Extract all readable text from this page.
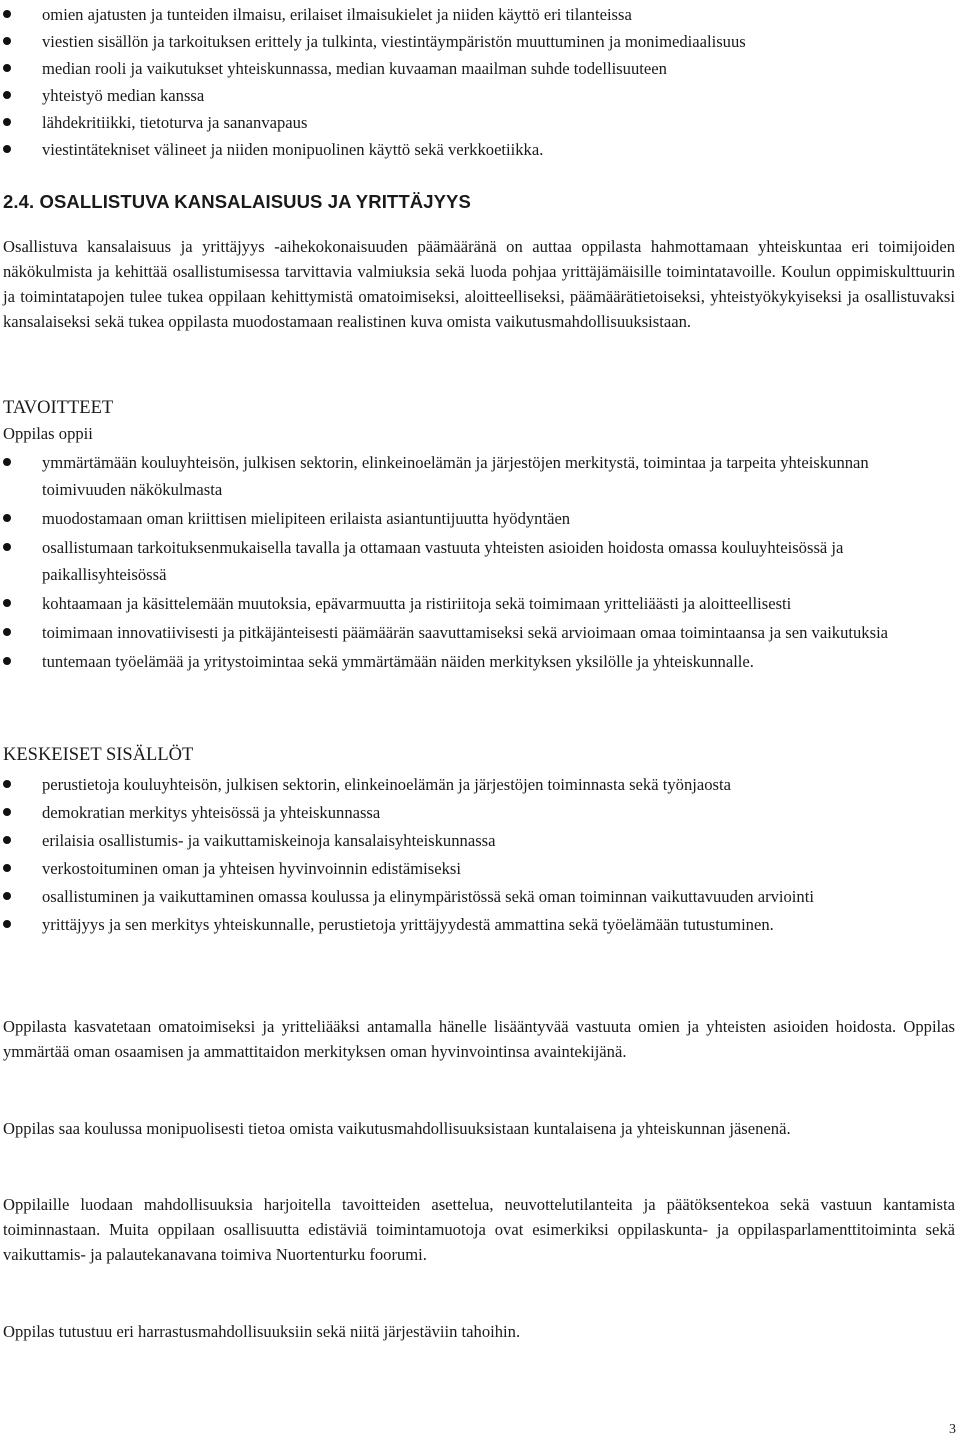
omien ajatusten ja tunteiden ilmaisu, erilaiset ilmaisukielet ja niiden käyttö eri tilanteissa
viestien sisällön ja tarkoituksen erittely ja tulkinta, viestintäympäristön muuttuminen ja monimediaalisuus
median rooli ja vaikutukset yhteiskunnassa, median kuvaaman maailman suhde todellisuuteen
yhteistyö median kanssa
lähdekritiikki, tietoturva ja sananvapaus
viestintätekniset välineet ja niiden monipuolinen käyttö sekä verkkoetiikka.
2.4. OSALLISTUVA KANSALAISUUS JA YRITTÄJYYS

Osallistuva kansalaisuus ja yrittäjyys -aihekokonaisuuden päämääränä on auttaa oppilasta hahmottamaan yhteiskuntaa eri toimijoiden näkökulmista ja kehittää osallistumisessa tarvittavia valmiuksia sekä luoda pohjaa yrittäjämäisille toimintatavoille. Koulun oppimiskulttuurin ja toimintatapojen tulee tukea oppilaan kehittymistä omatoimiseksi, aloitteelliseksi, päämäärätietoiseksi, yhteistyökykyiseksi ja osallistuvaksi kansalaiseksi sekä tukea oppilasta muodostamaan realistinen kuva omista vaikutusmahdollisuuksistaan.

TAVOITTEET

Oppilas oppii

ymmärtämään kouluyhteisön, julkisen sektorin, elinkeinoelämän ja järjestöjen merkitystä, toimintaa ja tarpeita yhteiskunnan toimivuuden näkökulmasta
muodostamaan oman kriittisen mielipiteen erilaista asiantuntijuutta hyödyntäen
osallistumaan tarkoituksenmukaisella tavalla ja ottamaan vastuuta yhteisten asioiden hoidosta omassa kouluyhteisössä ja paikallisyhteisössä
kohtaamaan ja käsittelemään muutoksia, epävarmuutta ja ristiriitoja sekä toimimaan yritteliäästi ja aloitteellisesti
toimimaan innovatiivisesti ja pitkäjänteisesti päämäärän saavuttamiseksi sekä arvioimaan omaa toimintaansa ja sen vaikutuksia
tuntemaan työelämää ja yritystoimintaa sekä ymmärtämään näiden merkityksen yksilölle ja yhteiskunnalle.

KESKEISET SISÄLLÖT

perustietoja kouluyhteisön, julkisen sektorin, elinkeinoelämän ja järjestöjen toiminnasta sekä työnjaosta
demokratian merkitys yhteisössä ja yhteiskunnassa
erilaisia osallistumis- ja vaikuttamiskeinoja kansalaisyhteiskunnassa
verkostoituminen oman ja yhteisen hyvinvoinnin edistämiseksi
osallistuminen ja vaikuttaminen omassa koulussa ja elinympäristössä sekä oman toiminnan vaikuttavuuden arviointi
yrittäjyys ja sen merkitys yhteiskunnalle, perustietoja yrittäjyydestä ammattina sekä työelämään tutustuminen.

Oppilasta kasvatetaan omatoimiseksi ja yritteliääksi antamalla hänelle lisääntyvää vastuuta omien ja yhteisten asioiden hoidosta. Oppilas ymmärtää oman osaamisen ja ammattitaidon merkityksen oman hyvinvointinsa avaintekijänä.

Oppilas saa koulussa monipuolisesti tietoa omista vaikutusmahdollisuuksistaan kuntalaisena ja yhteiskunnan jäsenenä.

Oppilaille luodaan mahdollisuuksia harjoitella tavoitteiden asettelua, neuvottelutilanteita ja päätöksentekoa sekä vastuun kantamista toiminnastaan. Muita oppilaan osallisuutta edistäviä toimintamuotoja ovat esimerkiksi oppilaskunta- ja oppilasparlamenttitoiminta sekä vaikuttamis- ja palautekanavana toimiva Nuortenturku foorumi.

Oppilas tutustuu eri harrastusmahdollisuuksiin sekä niitä järjestäviin tahoihin.

3
